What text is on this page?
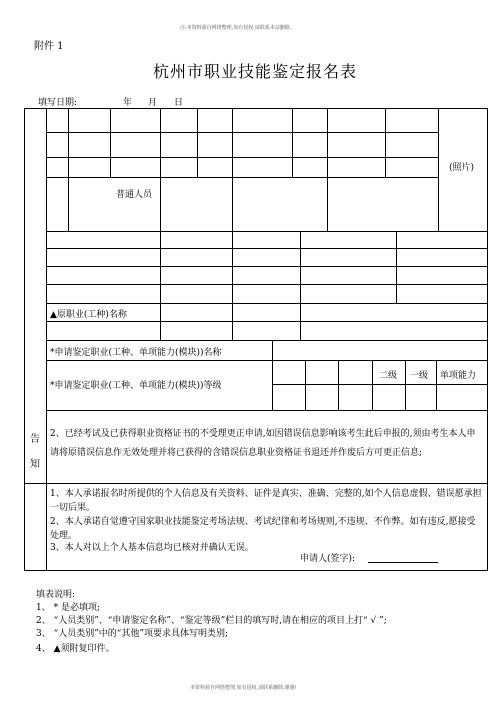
注:本资料源自网络整理,如有侵权,请联系本站删除。
附件 1
杭州市职业技能鉴定报名表
填写日期:	年 月 日
(照片)
普通人员
▲原职业(工种)名称
*申请鉴定职业(工种、单项能力(模块))名称
*申请鉴定职业(工种、单项能力(模块))等级
二级 一级 单项能力
告
知
2、已经考试及已获得职业资格证书的不受理更正申请,如因错误信息影响该考生此后申报的,须由考生本人申请将原错误信息作无效处理并将已获得的含错误信息职业资格证书退还并作废后方可更正信息;
1、本人承诺报名时所提供的个人信息及有关资料、证件是真实、准确、完整的,如个人信息虚假、错误愿承担一切后果。
2、本人承诺自觉遵守国家职业技能鉴定考场法规、考试纪律和考场规则,不违规、不作弊。如有违反,愿接受处理。
3、本人对以上个人基本信息均已核对并确认无误。
申请人(签字):
填表说明:
1、 * 是必填项;
2、 “人员类别”、“申请鉴定名称”、“鉴定等级”栏目的填写时,请在相应的项目上打“ √ ”;
3、 “人员类别”中的“其他”项要求具体写明类别;
4、 ▲须附复印件。
本资料源自网络整理,如有侵权,请联系删除,谢谢!
